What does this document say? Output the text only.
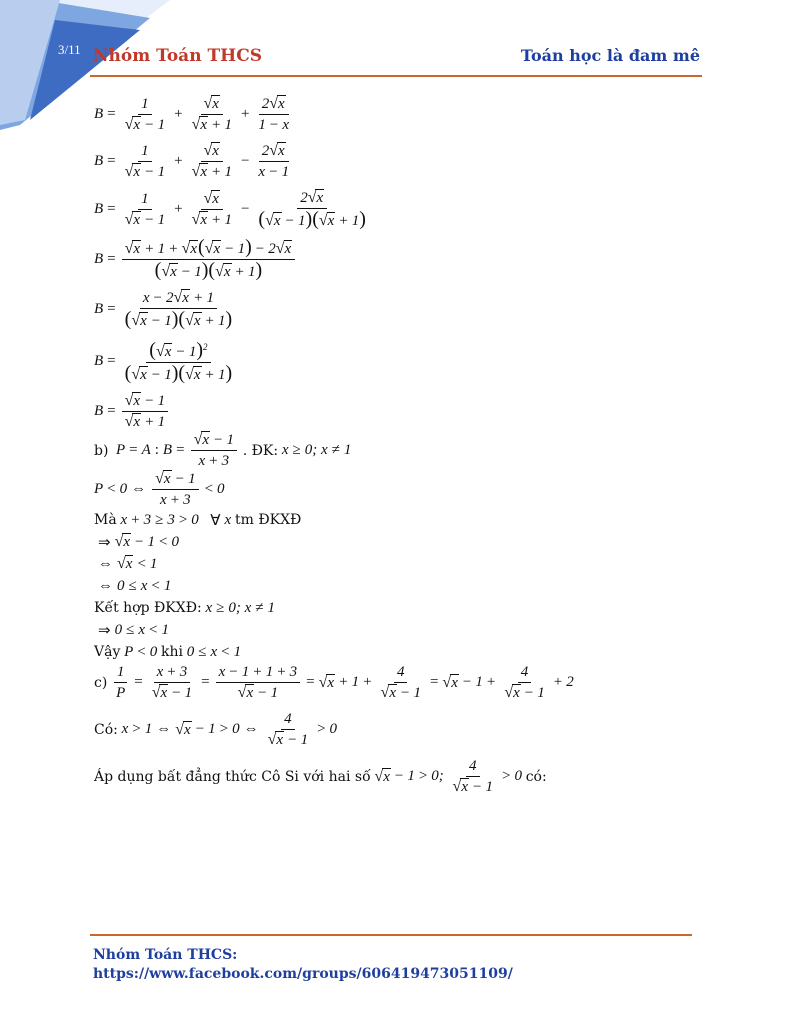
3/11 Nhóm Toán THCS	Toán học là đam mê
$B = \frac{1}{√ x - 1} + \frac{√ x}{√ x + 1} + \frac{2 √ x}{1 - x}$
$B = \frac{1}{√ x - 1} + \frac{√ x}{√ x + 1} - \frac{2 √ x}{x - 1}$
$B = \frac{1}{√ x - 1} + \frac{√ x}{√ x + 1} - \frac{2 √ x}{( √ x - 1)( √ x + 1)}$
$B = \frac{√ x + 1 + √ x ( √ x - 1) - 2 √ x}{( √ x - 1)( √ x + 1)}$
$B = \frac{x - 2 √ x + 1}{( √ x - 1)( √ x + 1)}$
$B = \frac{( √ x - 1)^2}{( √ x - 1)( √ x + 1)}$
$B = \frac{√ x - 1}{√ x + 1}$
b)
P = A : $B = \frac{√ x - 1}{x + 3}$
. ĐK:
x ≥ 0; x ≠ 1
P < 0 ⇔ $\frac{√ x - 1}{x + 3} < 0$
Mà
x + 3 ≥ 3 > 0
∀ x
tm ĐKXĐ
⇒ √ x − 1 < 0
⇔ √ x < 1
⇔ 0 ≤ x < 1
Kết hợp ĐKXĐ:
x ≥ 0; x ≠ 1
⇒ 0 ≤ x < 1
Vậy
P < 0
khi
0 ≤ x < 1
c)
$\frac{1}{P} = \frac{x + 3}{√ x - 1} = \frac{x - 1 + 1 + 3}{√ x - 1}$ = √ $x + 1 + \frac{4}{√ x - 1}$ = √ $x - 1 + \frac{4}{√ x - 1} + 2$
Có:
x > 1 ⇔ √ x − 1 > 0 ⇔ $\frac{4}{√ x - 1} > 0$
Áp dụng bất đẳng thức Cô Si với hai số
√ x − 1 > 0;
$\frac{4}{√ x - 1} > 0$
có:
Nhóm Toán THCS:
https://www.facebook.com/groups/606419473051109/
